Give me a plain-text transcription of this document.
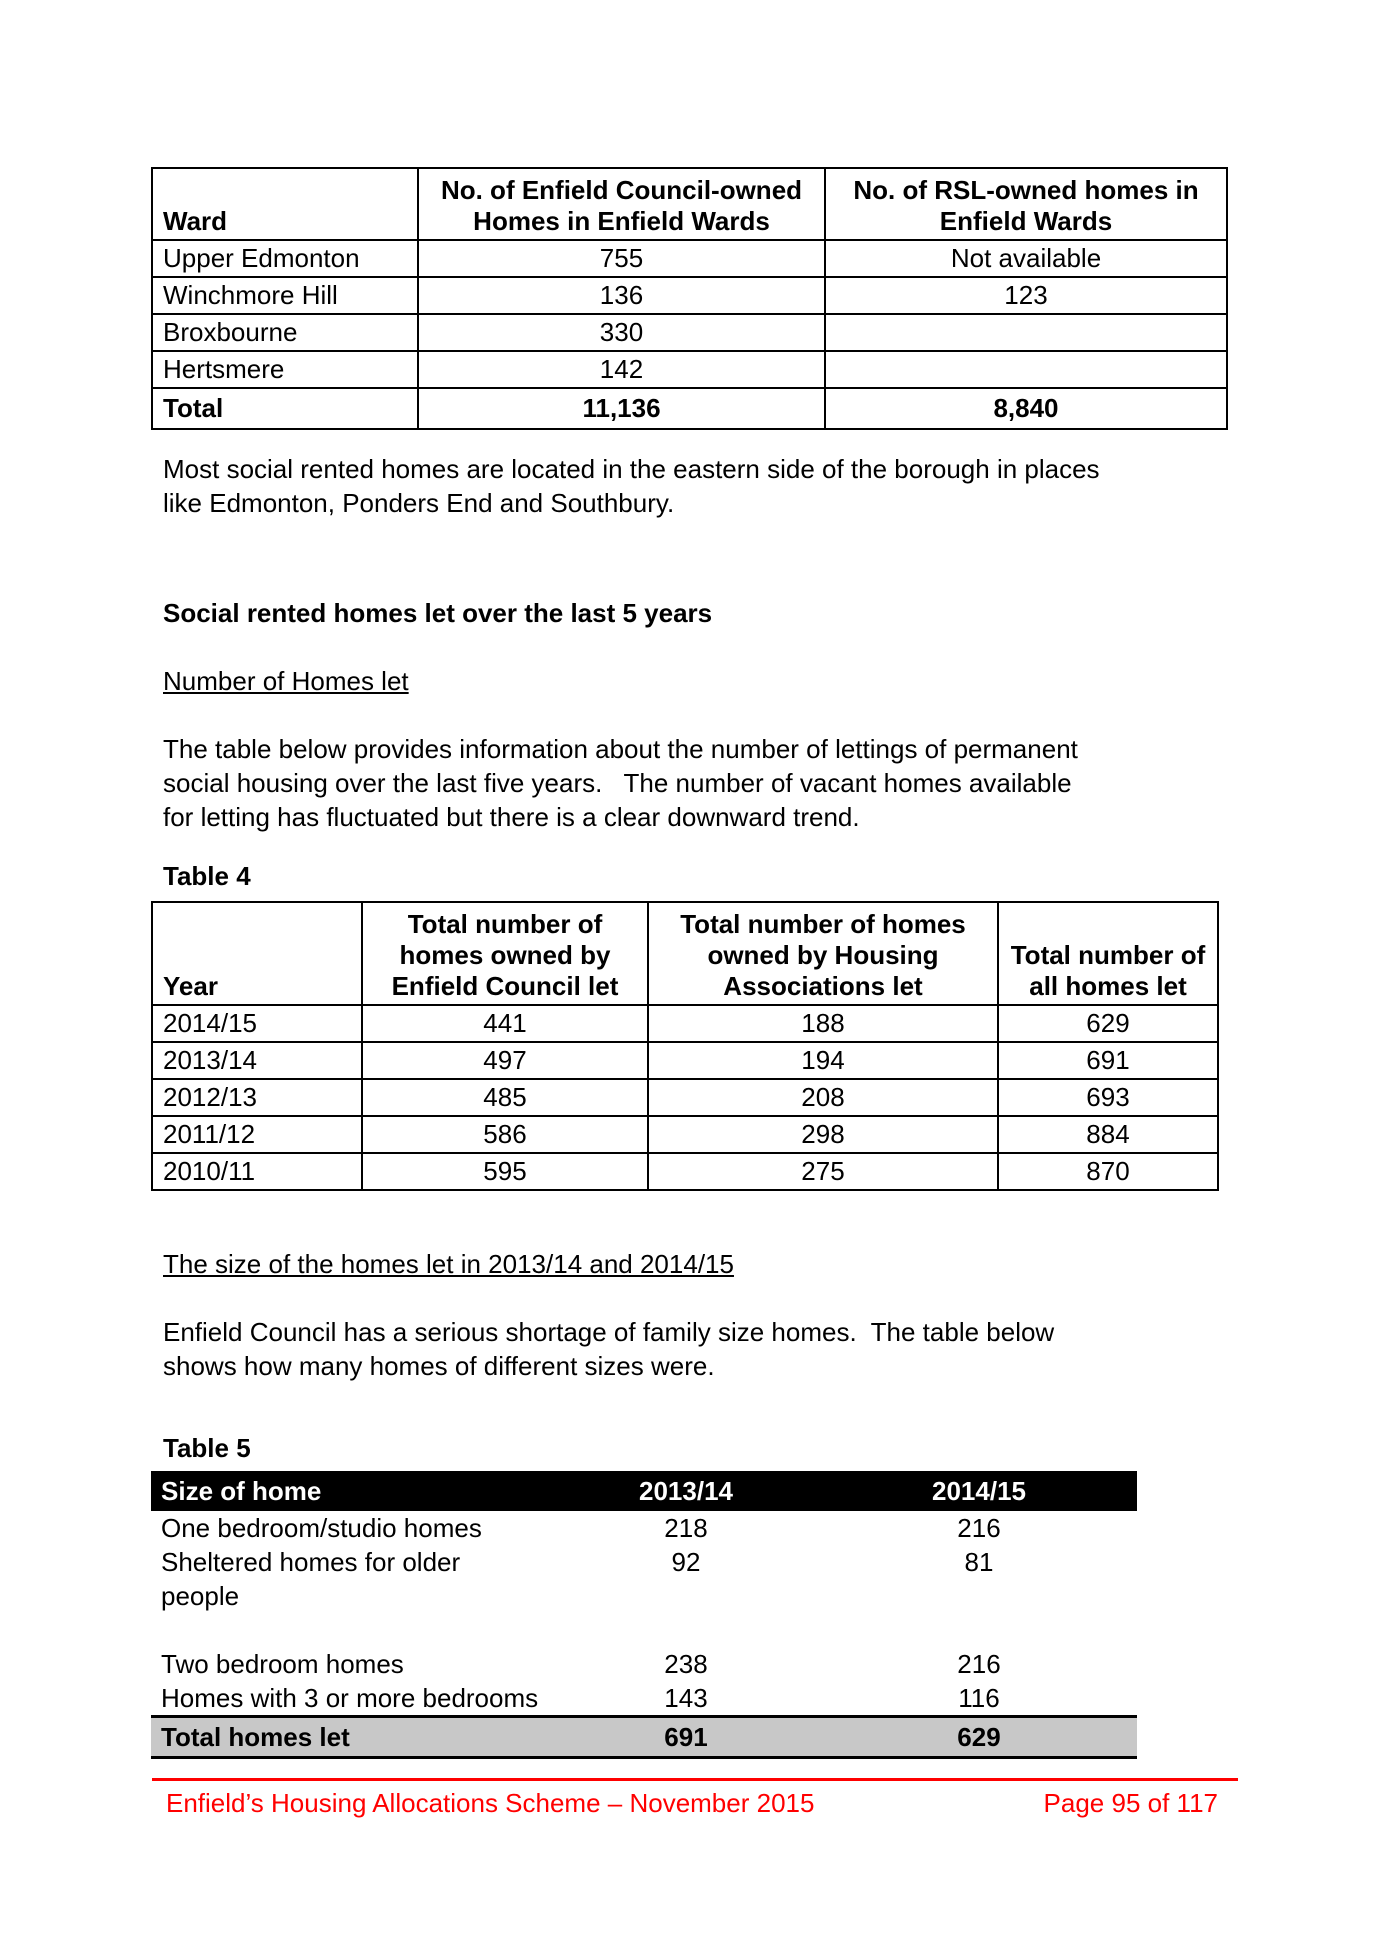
Ward	No. of Enfield Council-owned Homes in Enfield Wards	No. of RSL-owned homes in Enfield Wards
Upper Edmonton	755	Not available
Winchmore Hill	136	123
Broxbourne	330	
Hertsmere	142	
Total	11,136	8,840
Most social rented homes are located in the eastern side of the borough in places
like Edmonton, Ponders End and Southbury.
Social rented homes let over the last 5 years
Number of Homes let
The table below provides information about the number of lettings of permanent
social housing over the last five years.   The number of vacant homes available
for letting has fluctuated but there is a clear downward trend.
Table 4
Year	Total number of homes owned by Enfield Council let	Total number of homes owned by Housing Associations let	Total number of all homes let
2014/15	441	188	629
2013/14	497	194	691
2012/13	485	208	693
2011/12	586	298	884
2010/11	595	275	870
The size of the homes let in 2013/14 and 2014/15
Enfield Council has a serious shortage of family size homes.  The table below
shows how many homes of different sizes were.
Table 5
Size of home	2013/14	2014/15
One bedroom/studio homes	218	216
Sheltered homes for older people	92	81
Two bedroom homes	238	216
Homes with 3 or more bedrooms	143	116
Total homes let	691	629
Enfield’s Housing Allocations Scheme – November 2015	Page 95 of 117
